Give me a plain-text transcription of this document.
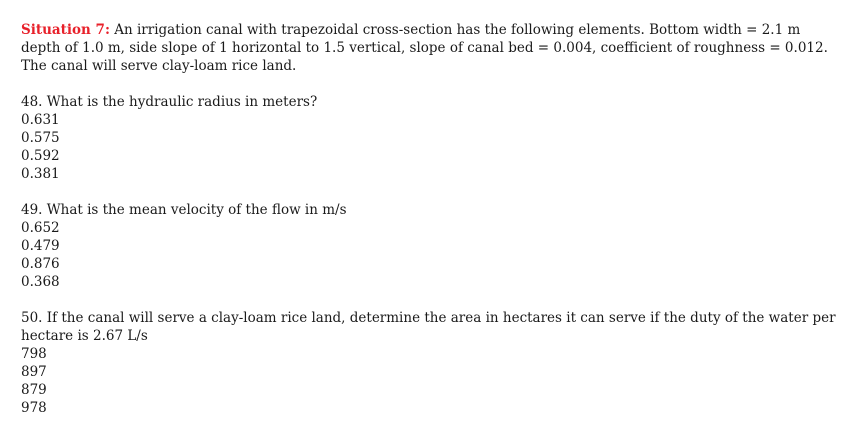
Situation 7: An irrigation canal with trapezoidal cross-section has the following elements. Bottom width = 2.1 m depth of 1.0 m, side slope of 1 horizontal to 1.5 vertical, slope of canal bed = 0.004, coefficient of roughness = 0.012. The canal will serve clay-loam rice land.

48. What is the hydraulic radius in meters?
0.631
0.575
0.592
0.381
49. What is the mean velocity of the flow in m/s
0.652
0.479
0.876
0.368
50. If the canal will serve a clay-loam rice land, determine the area in hectares it can serve if the duty of the water per hectare is 2.67 L/s
798
897
879
978
